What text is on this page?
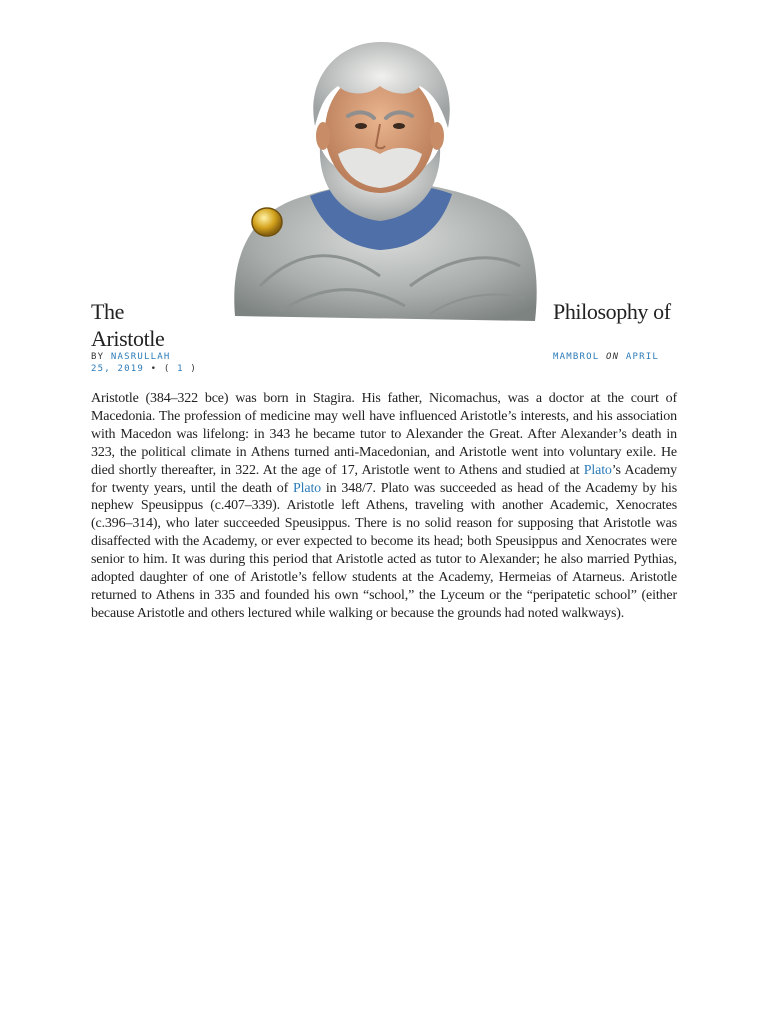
The
Aristotle
Philosophy of
BY NASRULLAH
25, 2019 • ( 1 )
MAMBROL ON APRIL

Aristotle (384–322 bce) was born in Stagira. His father, Nicomachus, was a doctor at the court of Macedonia. The profession of medicine may well have influenced Aristotle’s interests, and his association with Macedon was lifelong: in 343 he became tutor to Alexander the Great. After Alexander’s death in 323, the political climate in Athens turned anti-Macedonian, and Aristotle went into voluntary exile. He died shortly thereafter, in 322. At the age of 17, Aristotle went to Athens and studied at Plato’s Academy for twenty years, until the death of Plato in 348/7. Plato was succeeded as head of the Academy by his nephew Speusippus (c.407–339). Aristotle left Athens, traveling with another Academic, Xenocrates (c.396–314), who later succeeded Speusippus. There is no solid reason for supposing that Aristotle was disaffected with the Academy, or ever expected to become its head; both Speusippus and Xenocrates were senior to him. It was during this period that Aristotle acted as tutor to Alexander; he also married Pythias, adopted daughter of one of Aristotle’s fellow students at the Academy, Hermeias of Atarneus. Aristotle returned to Athens in 335 and founded his own “school,” the Lyceum or the “peripatetic school” (either because Aristotle and others lectured while walking or because the grounds had noted walkways).
